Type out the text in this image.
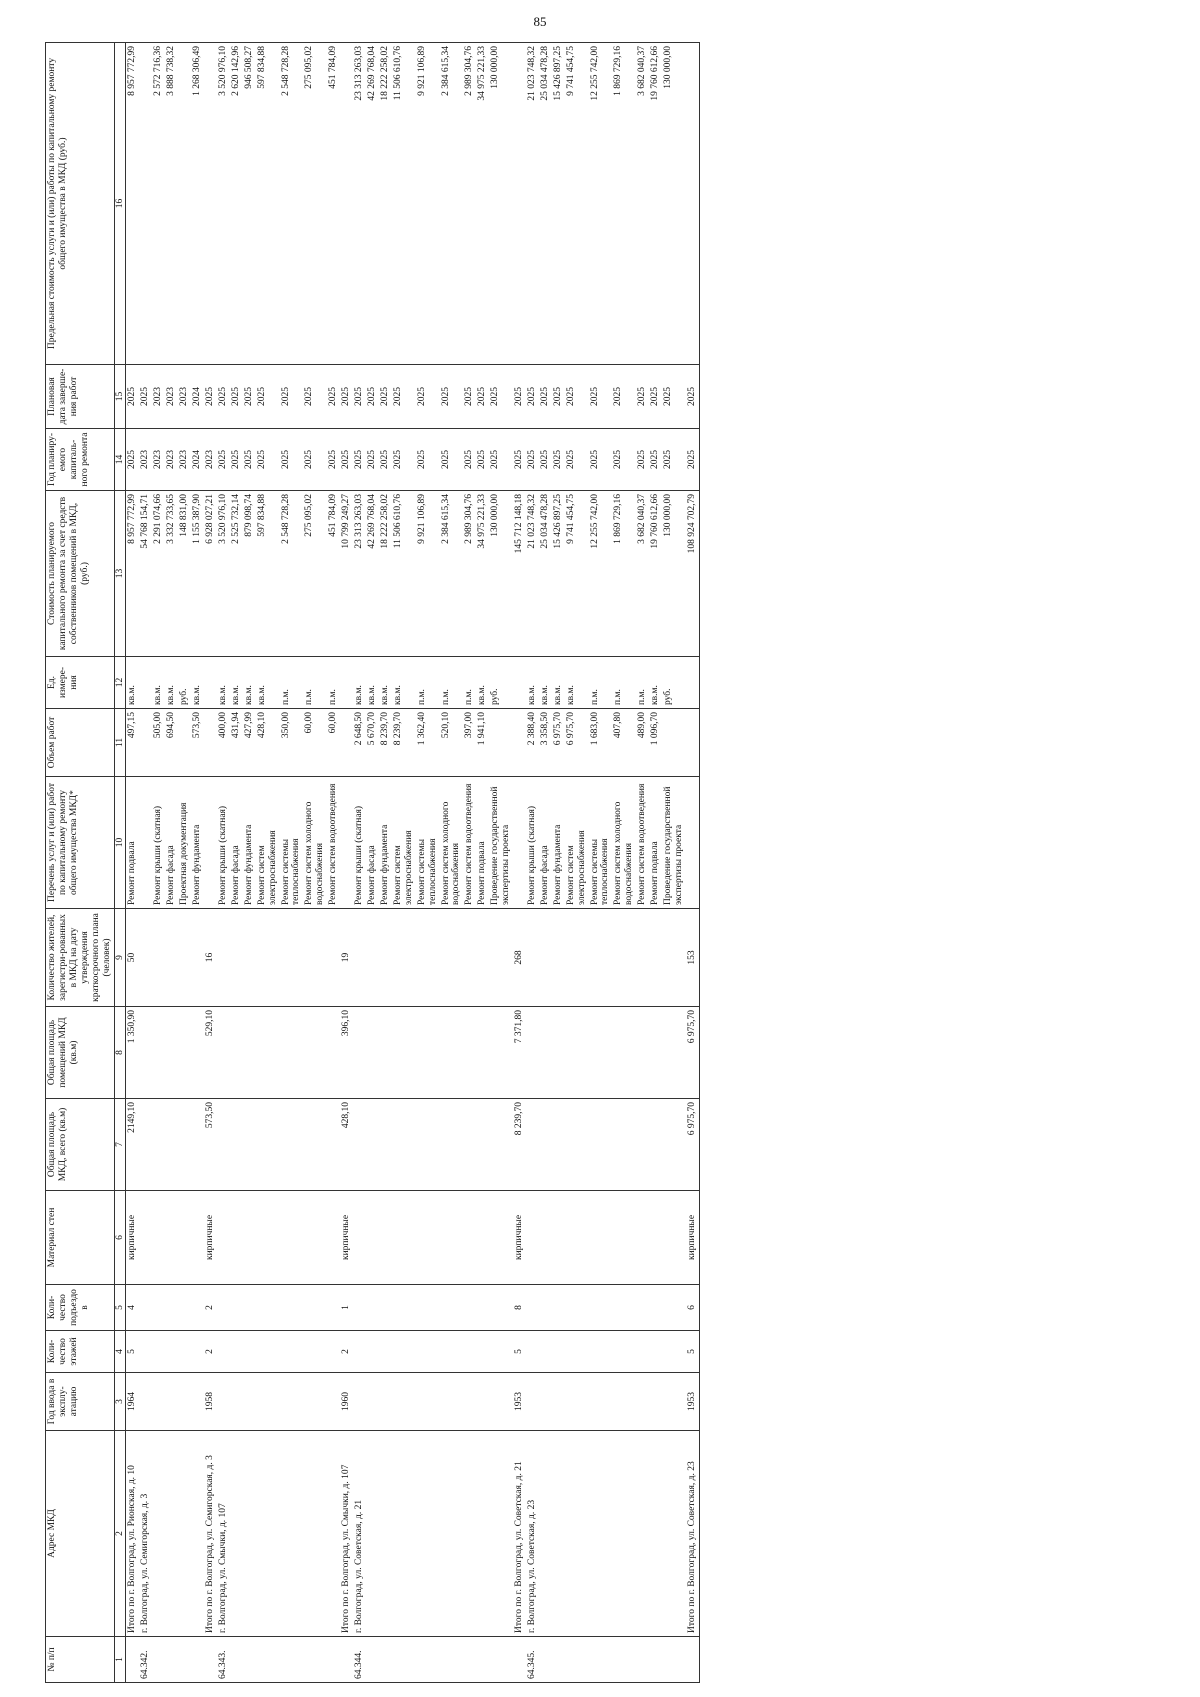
85
№ п/п	Адрес МКД	Год ввода в эксплу-атацию	Коли-чество этажей	Коли-чество подъездо в	Материал стен	Общая площадь МКД, всего (кв.м)	Общая площадь помещений МКД (кв.м)	Количество жителей, зарегистри-рованных в МКД на дату утверждения краткосрочного плана (человек)	Перечень услуг и (или) работ по капитальному ремонту общего имущества МКД*	Объем работ	Ед. измере-ния	Стоимость планируемого капитального ремонта за счет средств собственников помещений в МКД, (руб.)	Год планиру-емого капиталь-ного ремонта	Плановая дата заверше-ния работ	Предельная стоимость услуги и (или) работы по капитальному ремонту общего имущества в МКД (руб.)
1	2	3	4	5	6	7	8	9	10	11	12	13	14	15	16
	Итого по г. Волгоград, ул. Рионская, д. 10	1964	5	4	кирпичные	2149,10	1 350,90	50	Ремонт подвала	497,15	кв.м.	8 957 772,99	2025	2025	8 957 772,99
64.342.	г. Волгоград, ул. Семигорская, д. 3											54 768 154,71	2023	2025	
									Ремонт крыши (скатная)	505,00	кв.м.	2 291 074,66	2023	2023	2 572 716,36
									Ремонт фасада	694,50	кв.м.	3 332 733,65	2023	2023	3 888 738,32
									Проектная документация		руб.	148 831,00	2023	2023	
									Ремонт фундамента	573,50	кв.м.	1 155 387,90	2024	2024	1 268 306,49
	Итого по г. Волгоград, ул. Семигорская, д. 3	1958	2	2	кирпичные	573,50	529,10	16				6 928 027,21	2023	2025	
64.343.	г. Волгоград, ул. Смычки, д. 107								Ремонт крыши (скатная)	400,00	кв.м.	3 520 976,10	2025	2025	3 520 976,10
									Ремонт фасада	431,94	кв.м.	2 525 732,14	2025	2025	2 620 142,96
									Ремонт фундамента	427,99	кв.м.	879 098,74	2025	2025	946 508,27
									Ремонт систем электроснабжения	428,10	кв.м.	597 834,88	2025	2025	597 834,88
									Ремонт системы теплоснабжения	350,00	п.м.	2 548 728,28	2025	2025	2 548 728,28
									Ремонт систем холодного водоснабжения	60,00	п.м.	275 095,02	2025	2025	275 095,02
									Ремонт систем водоотведения	60,00	п.м.	451 784,09	2025	2025	451 784,09
	Итого по г. Волгоград, ул. Смычки, д. 107	1960	2	1	кирпичные	428,10	396,10	19				10 799 249,27	2025	2025	
64.344.	г. Волгоград, ул. Советская, д. 21								Ремонт крыши (скатная)	2 648,50	кв.м.	23 313 263,03	2025	2025	23 313 263,03
									Ремонт фасада	5 670,70	кв.м.	42 269 768,04	2025	2025	42 269 768,04
									Ремонт фундамента	8 239,70	кв.м.	18 222 258,02	2025	2025	18 222 258,02
									Ремонт систем электроснабжения	8 239,70	кв.м.	11 506 610,76	2025	2025	11 506 610,76
									Ремонт системы теплоснабжения	1 362,40	п.м.	9 921 106,89	2025	2025	9 921 106,89
									Ремонт систем холодного водоснабжения	520,10	п.м.	2 384 615,34	2025	2025	2 384 615,34
									Ремонт систем водоотведения	397,00	п.м.	2 989 304,76	2025	2025	2 989 304,76
									Ремонт подвала	1 941,10	кв.м.	34 975 221,33	2025	2025	34 975 221,33
									Проведение государственной экспертизы проекта		руб.	130 000,00	2025	2025	130 000,00
	Итого по г. Волгоград, ул. Советская, д. 21	1953	5	8	кирпичные	8 239,70	7 371,80	268				145 712 148,18	2025	2025	
64.345.	г. Волгоград, ул. Советская, д. 23								Ремонт крыши (скатная)	2 388,40	кв.м.	21 023 748,32	2025	2025	21 023 748,32
									Ремонт фасада	3 358,50	кв.м.	25 034 478,28	2025	2025	25 034 478,28
									Ремонт фундамента	6 975,70	кв.м.	15 426 897,25	2025	2025	15 426 897,25
									Ремонт систем электроснабжения	6 975,70	кв.м.	9 741 454,75	2025	2025	9 741 454,75
									Ремонт системы теплоснабжения	1 683,00	п.м.	12 255 742,00	2025	2025	12 255 742,00
									Ремонт систем холодного водоснабжения	407,80	п.м.	1 869 729,16	2025	2025	1 869 729,16
									Ремонт систем водоотведения	489,00	п.м.	3 682 040,37	2025	2025	3 682 040,37
									Ремонт подвала	1 096,70	кв.м.	19 760 612,66	2025	2025	19 760 612,66
									Проведение государственной экспертизы проекта		руб.	130 000,00	2025	2025	130 000,00
	Итого по г. Волгоград, ул. Советская, д. 23	1953	5	6	кирпичные	6 975,70	6 975,70	153				108 924 702,79	2025	2025	
